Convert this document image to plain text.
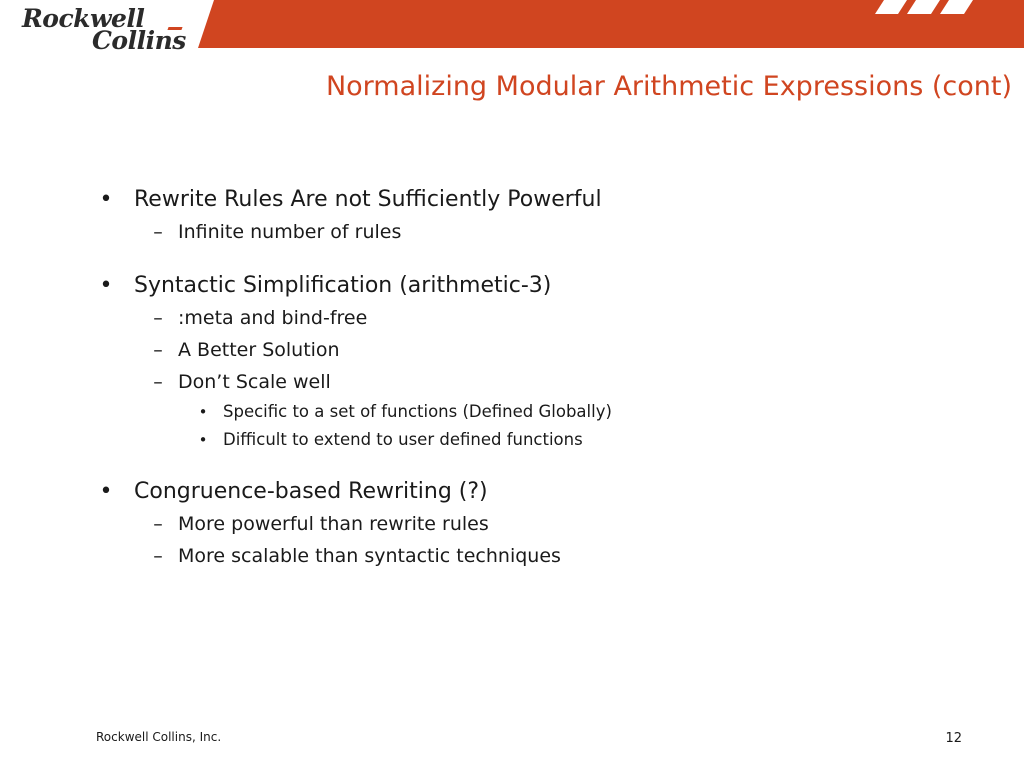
Rockwell
Collins
Normalizing Modular Arithmetic Expressions (cont)
• Rewrite Rules Are not Sufficiently Powerful
– Infinite number of rules
• Syntactic Simplification (arithmetic-3)
– :meta and bind-free
– A Better Solution
– Don’t Scale well
• Specific to a set of functions (Defined Globally)
• Difficult to extend to user defined functions
• Congruence-based Rewriting (?)
– More powerful than rewrite rules
– More scalable than syntactic techniques
Rockwell Collins, Inc.	12
